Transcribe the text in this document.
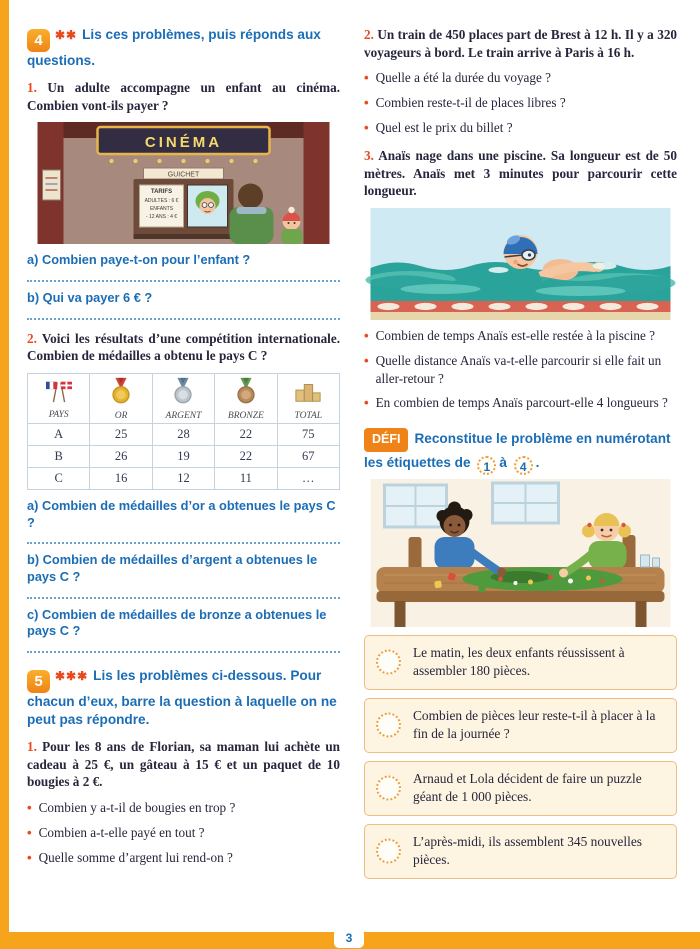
3
4 ✱✱ Lis ces problèmes, puis réponds aux questions.

1. Un adulte accompagne un enfant au cinéma. Combien vont-ils payer ?

CINÉMA
GUICHET
TARIFS
ADULTES : 6 €
ENFANTS
- 12 ANS : 4 €
a) Combien paye-t-on pour l’enfant ?
b) Qui va payer 6 € ?

2. Voici les résultats d’une compétition internationale. Combien de médailles a obtenu le pays C ?

PAYS	OR	ARGENT	BRONZE	TOTAL

A	25	28	22	75
B	26	19	22	67
C	16	12	11	…
a) Combien de médailles d’or a obtenues le pays C ?
b) Combien de médailles d’argent a obtenues le pays C ?
c) Combien de médailles de bronze a obtenues le pays C ?
5 ✱✱✱ Lis les problèmes ci-dessous. Pour chacun d’eux, barre la question à laquelle on ne peut pas répondre.

1. Pour les 8 ans de Florian, sa maman lui achète un cadeau à 25 €, un gâteau à 15 € et un paquet de 10 bougies à 2 €.

• Combien y a-t-il de bougies en trop ?
• Combien a-t-elle payé en tout ?
• Quelle somme d’argent lui rend-on ?

2. Un train de 450 places part de Brest à 12 h. Il y a 320 voyageurs à bord. Le train arrive à Paris à 16 h.

• Quelle a été la durée du voyage ?
• Combien reste-t-il de places libres ?
• Quel est le prix du billet ?

3. Anaïs nage dans une piscine. Sa longueur est de 50 mètres. Anaïs met 3 minutes pour parcourir cette longueur.

• Combien de temps Anaïs est-elle restée à la piscine ?
• Quelle distance Anaïs va-t-elle parcourir si elle fait un aller-retour ?
• En combien de temps Anaïs parcourt-elle 4 longueurs ?

DÉFI Reconstitue le problème en numérotant les étiquettes de 1 à 4 .

Le matin, les deux enfants réussissent à assembler 180 pièces.
Combien de pièces leur reste-t-il à placer à la fin de la journée ?
Arnaud et Lola décident de faire un puzzle géant de 1 000 pièces.
L’après-midi, ils assemblent 345 nouvelles pièces.
